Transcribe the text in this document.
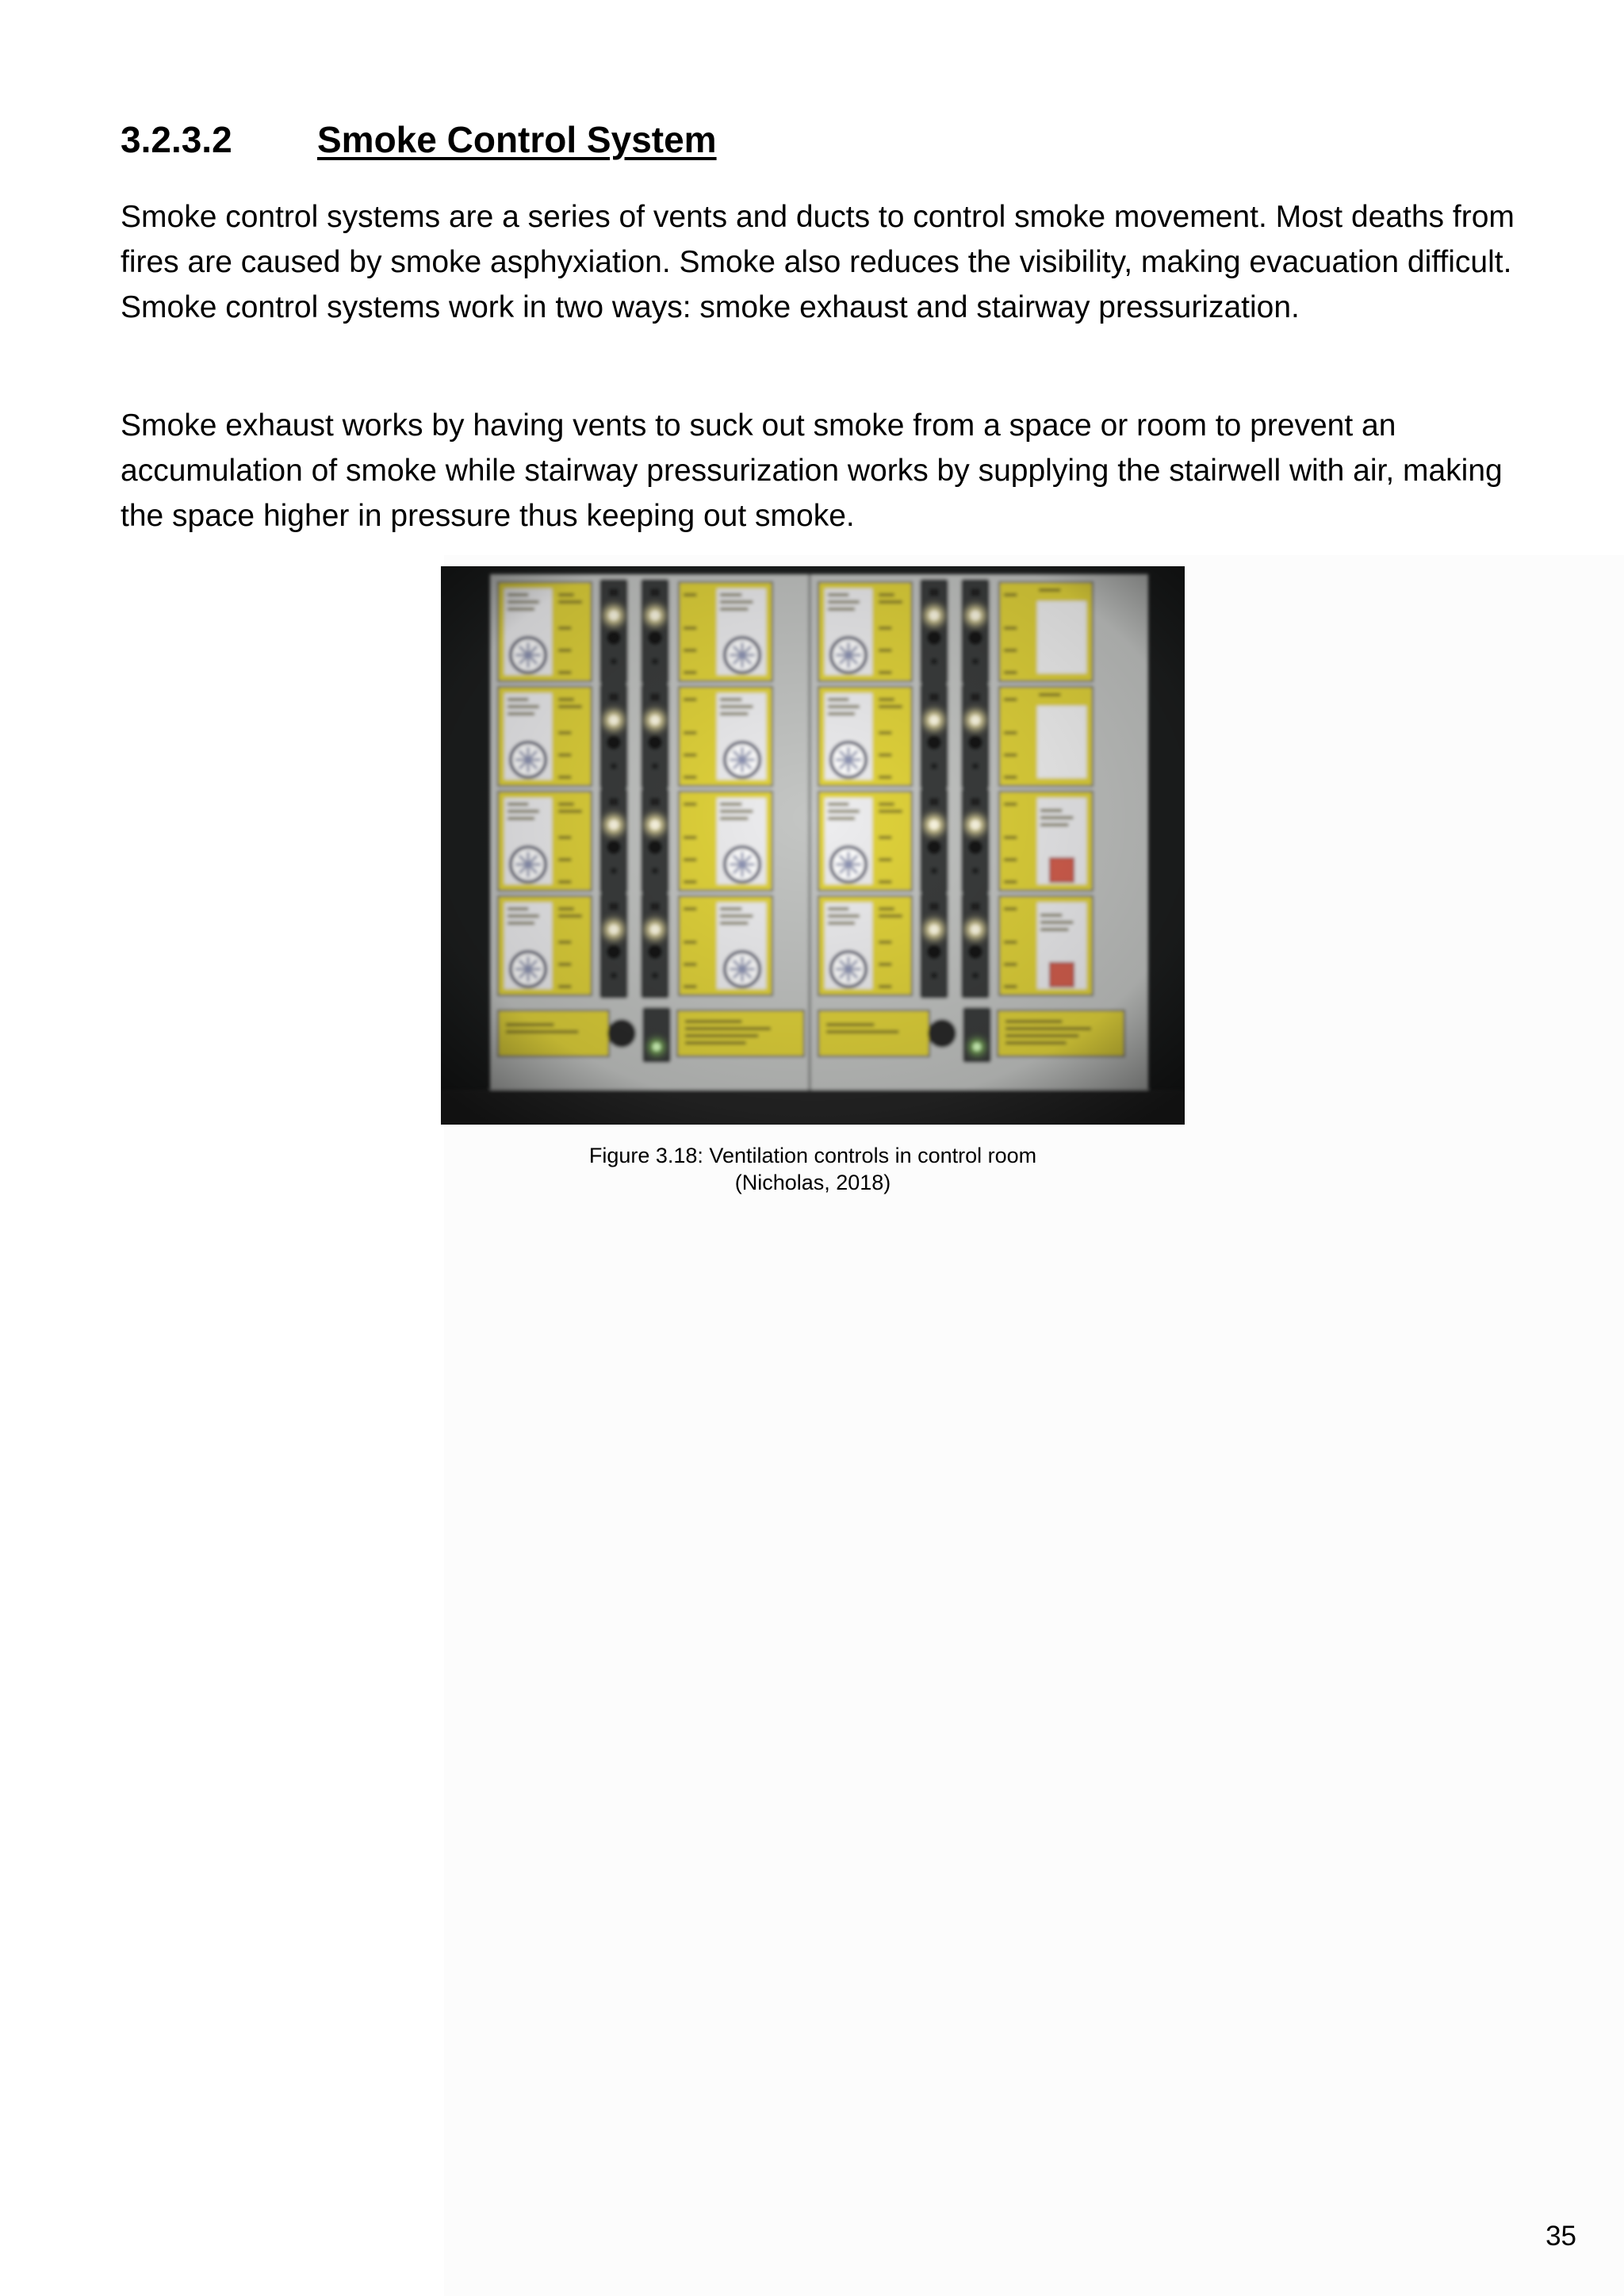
3.2.3.2 Smoke Control System

Smoke control systems are a series of vents and ducts to control smoke movement. Most deaths from fires are caused by smoke asphyxiation. Smoke also reduces the visibility, making evacuation difficult. Smoke control systems work in two ways: smoke exhaust and stairway pressurization.

Smoke exhaust works by having vents to suck out smoke from a space or room to prevent an accumulation of smoke while stairway pressurization works by supplying the stairwell with air, making the space higher in pressure thus keeping out smoke.

Figure 3.18: Ventilation controls in control room
(Nicholas, 2018)
35
